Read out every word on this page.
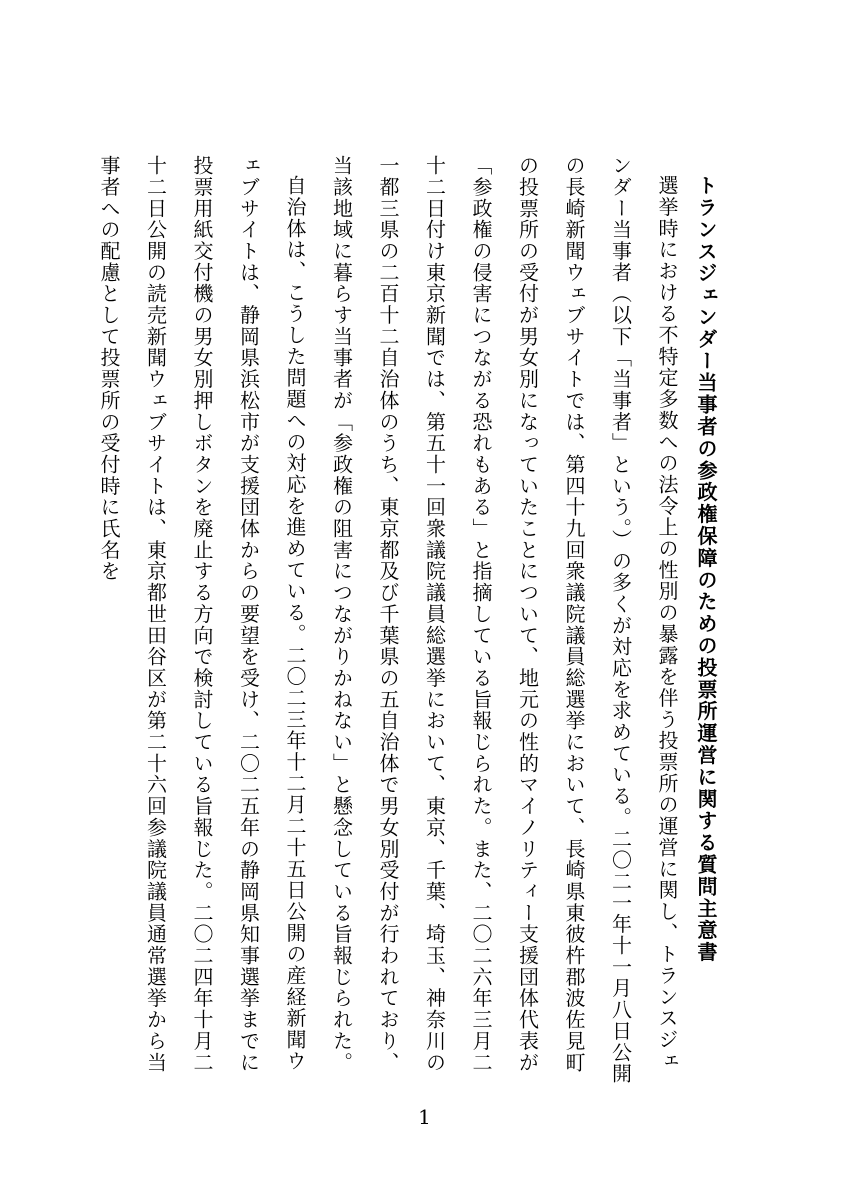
トランスジェンダー当事者の参政権保障のための投票所運営に関する質問主意書

選挙時における不特定多数への法令上の性別の暴露を伴う投票所の運営に関し、トランスジェンダー当事者（以下「当事者」という。）の多くが対応を求めている。二〇二一年十一月八日公開の長崎新聞ウェブサイトでは、第四十九回衆議院議員総選挙において、長崎県東彼杵郡波佐見町の投票所の受付が男女別になっていたことについて、地元の性的マイノリティー支援団体代表が「参政権の侵害につながる恐れもある」と指摘している旨報じられた。また、二〇二六年三月二十二日付け東京新聞では、第五十一回衆議院議員総選挙において、東京、千葉、埼玉、神奈川の一都三県の二百十二自治体のうち、東京都及び千葉県の五自治体で男女別受付が行われており、当該地域に暮らす当事者が「参政権の阻害につながりかねない」と懸念している旨報じられた。

自治体は、こうした問題への対応を進めている。二〇二三年十二月二十五日公開の産経新聞ウェブサイトは、静岡県浜松市が支援団体からの要望を受け、二〇二五年の静岡県知事選挙までに投票用紙交付機の男女別押しボタンを廃止する方向で検討している旨報じた。二〇二四年十月二十二日公開の読売新聞ウェブサイトは、東京都世田谷区が第二十六回参議院議員通常選挙から当事者への配慮として投票所の受付時に氏名を

1
